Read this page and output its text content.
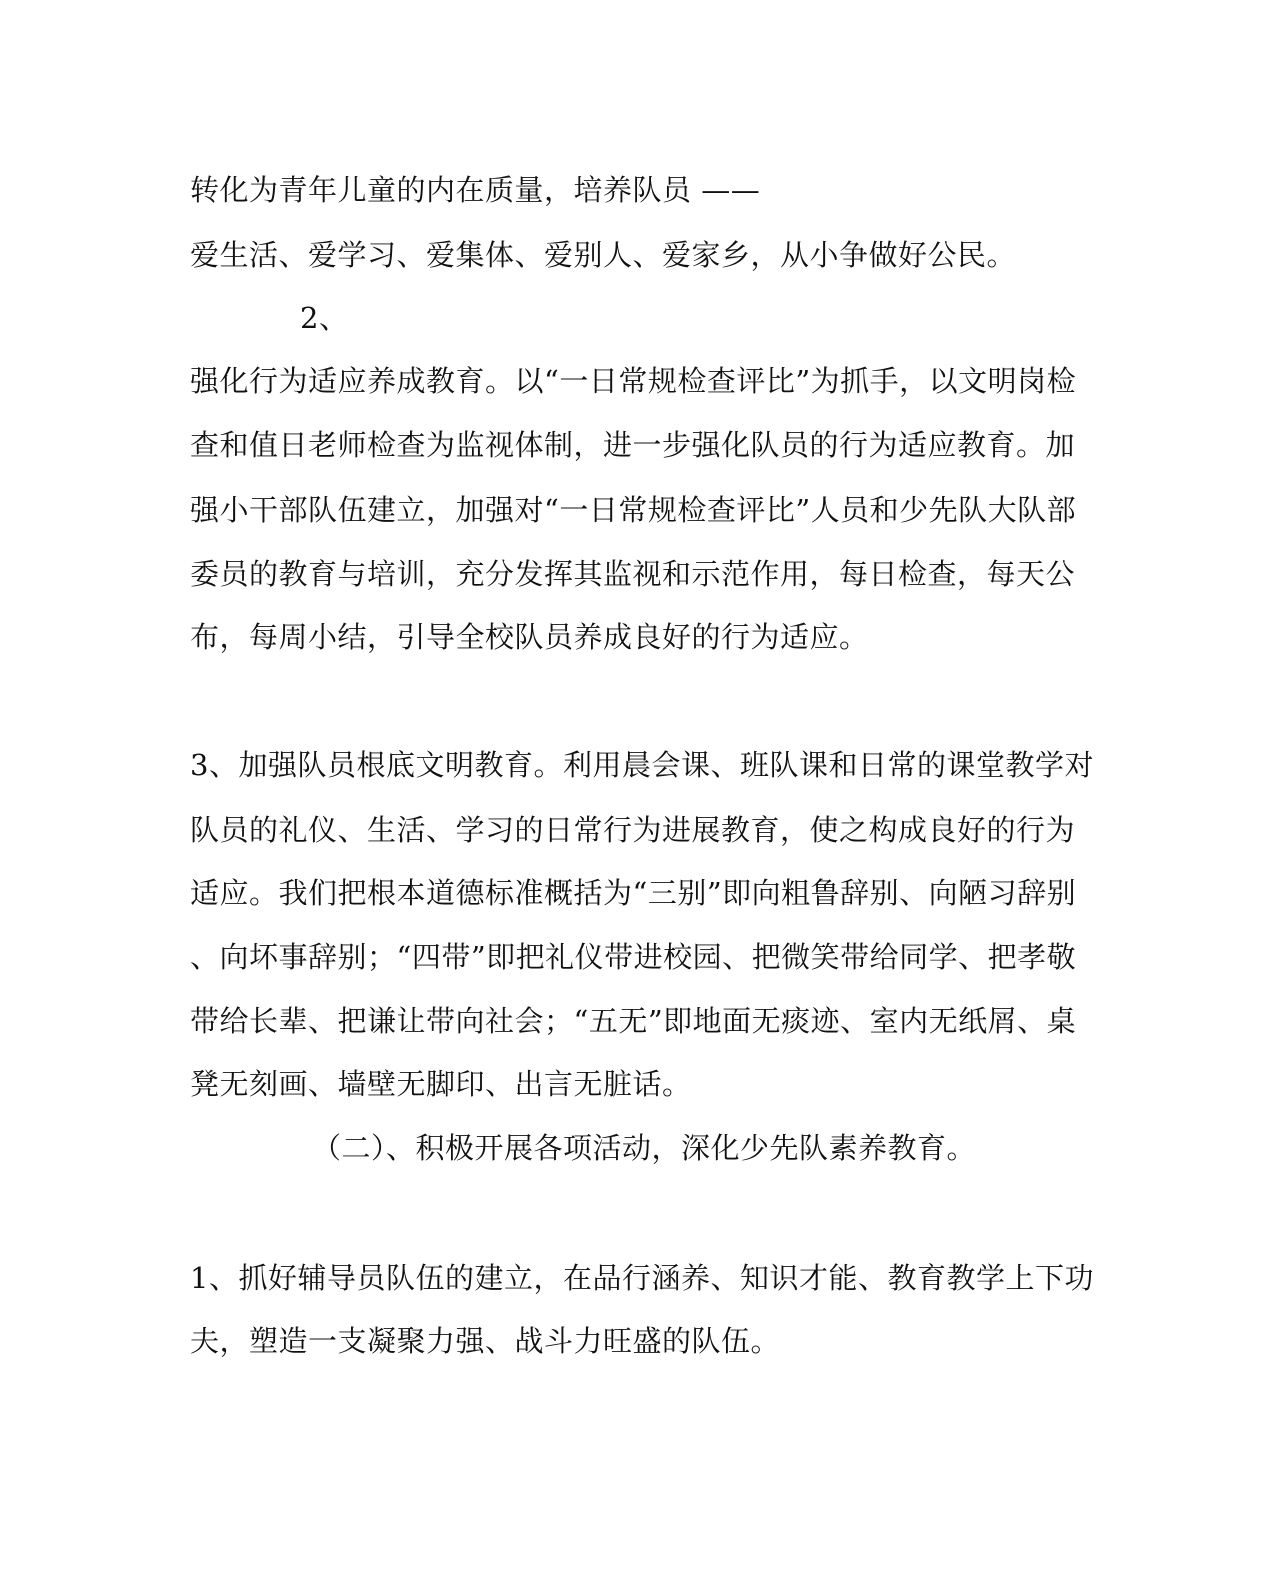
转化为青年儿童的内在质量，培养队员 ——
爱生活、爱学习、爱集体、爱别人、爱家乡，从小争做好公民。
2、
强化行为适应养成教育。以“一日常规检查评比”为抓手，以文明岗检
查和值日老师检查为监视体制，进一步强化队员的行为适应教育。加
强小干部队伍建立，加强对“一日常规检查评比”人员和少先队大队部
委员的教育与培训，充分发挥其监视和示范作用，每日检查，每天公
布，每周小结，引导全校队员养成良好的行为适应。
3、加强队员根底文明教育。利用晨会课、班队课和日常的课堂教学对
队员的礼仪、生活、学习的日常行为进展教育，使之构成良好的行为
适应。我们把根本道德标准概括为“三别”即向粗鲁辞别、向陋习辞别
、向坏事辞别；“四带”即把礼仪带进校园、把微笑带给同学、把孝敬
带给长辈、把谦让带向社会；“五无”即地面无痰迹、室内无纸屑、桌
凳无刻画、墙壁无脚印、出言无脏话。
（二）、积极开展各项活动，深化少先队素养教育。
1、抓好辅导员队伍的建立，在品行涵养、知识才能、教育教学上下功
夫，塑造一支凝聚力强、战斗力旺盛的队伍。
